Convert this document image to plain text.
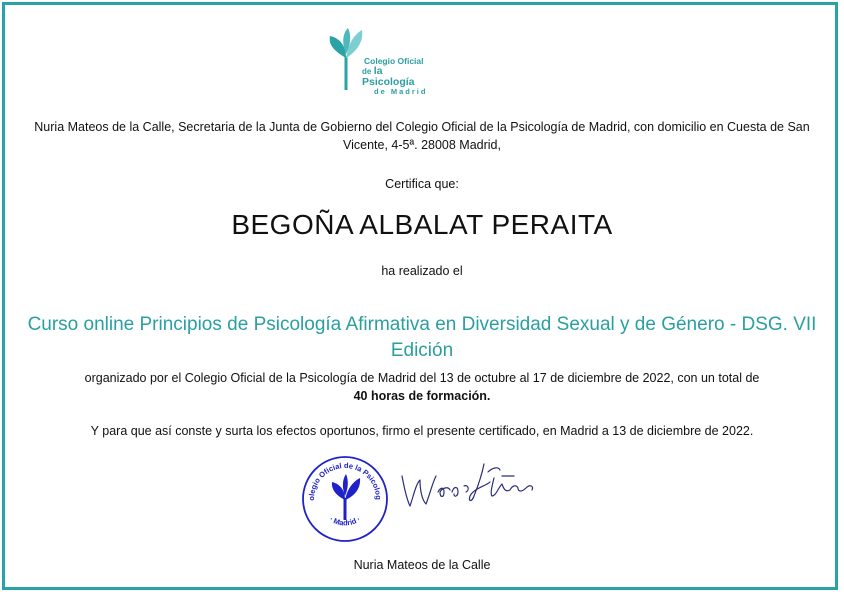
Colegio Oficial
de la Psicología
de Madrid
Nuria Mateos de la Calle, Secretaria de la Junta de Gobierno del Colegio Oficial de la Psicología de Madrid, con domicilio en Cuesta de San Vicente, 4-5ª. 28008 Madrid,
Certifica que:
BEGOÑA ALBALAT PERAITA
ha realizado el
Curso online Principios de Psicología Afirmativa en Diversidad Sexual y de Género - DSG. VII Edición
organizado por el Colegio Oficial de la Psicología de Madrid del 13 de octubre al 17 de diciembre de 2022, con un total de
40 horas de formación.
Y para que así conste y surta los efectos oportunos, firmo el presente certificado, en Madrid a 13 de diciembre de 2022.
olegio Oficial de la Psicolog
· Madrid ·
Nuria Mateos de la Calle
